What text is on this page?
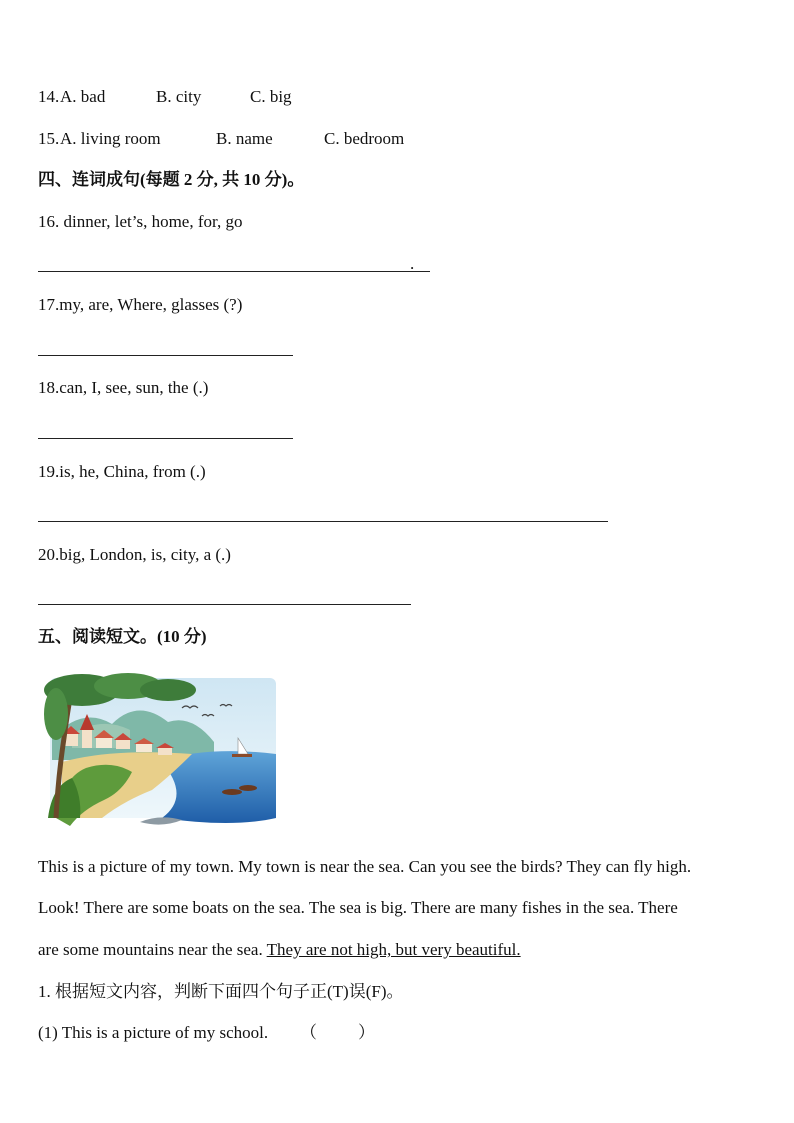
14. A. bad	B. city	C. big
15. A. living room	B. name	C. bedroom
四、连词成句(每题 2 分, 共 10 分)。
16. dinner, let’s, home, for, go
.
17.my, are, Where, glasses (?)
18.can, I, see, sun, the (.)
19.is, he, China, from (.)
20.big, London, is, city, a (.)
五、阅读短文。(10 分)
This is a picture of my town. My town is near the sea. Can you see the birds? They can fly high.
Look! There are some boats on the sea. The sea is big. There are many fishes in the sea. There
are some mountains near the sea. They are not high, but very beautiful.
1. 根据短文内容，判断下面四个句子正(T)误(F)。
(1) This is a picture of my school. （ ）
